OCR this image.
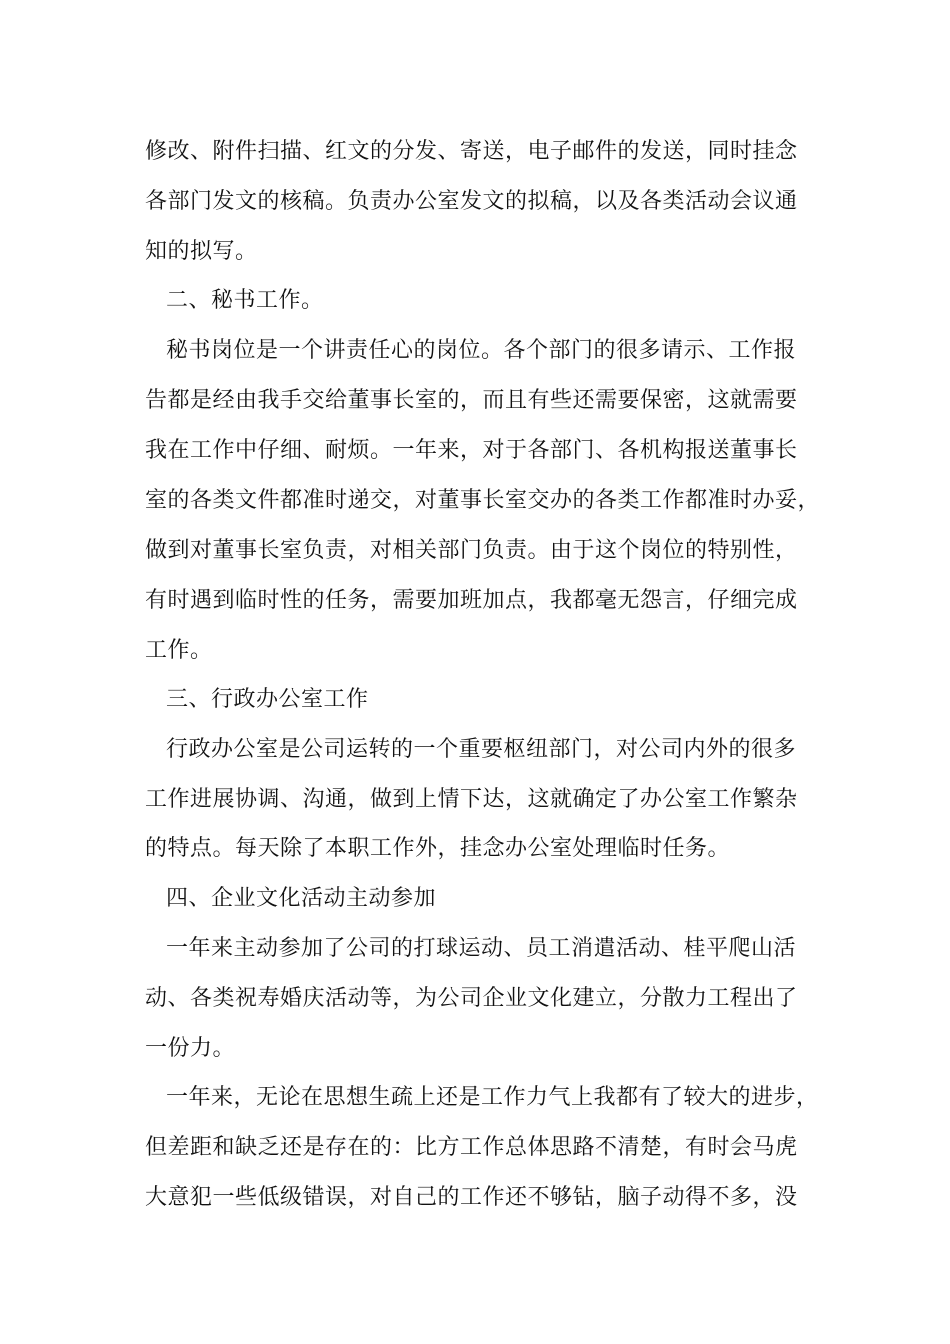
修改、附件扫描、红文的分发、寄送，电子邮件的发送，同时挂念

各部门发文的核稿。负责办公室发文的拟稿，以及各类活动会议通

知的拟写。

二、秘书工作。

秘书岗位是一个讲责任心的岗位。各个部门的很多请示、工作报

告都是经由我手交给董事长室的，而且有些还需要保密，这就需要

我在工作中仔细、耐烦。一年来，对于各部门、各机构报送董事长

室的各类文件都准时递交，对董事长室交办的各类工作都准时办妥，

做到对董事长室负责，对相关部门负责。由于这个岗位的特别性，

有时遇到临时性的任务，需要加班加点，我都毫无怨言，仔细完成

工作。

三、行政办公室工作

行政办公室是公司运转的一个重要枢纽部门，对公司内外的很多

工作进展协调、沟通，做到上情下达，这就确定了办公室工作繁杂

的特点。每天除了本职工作外，挂念办公室处理临时任务。

四、企业文化活动主动参加

一年来主动参加了公司的打球运动、员工消遣活动、桂平爬山活

动、各类祝寿婚庆活动等，为公司企业文化建立，分散力工程出了

一份力。

一年来，无论在思想生疏上还是工作力气上我都有了较大的进步，

但差距和缺乏还是存在的：比方工作总体思路不清楚，有时会马虎

大意犯一些低级错误，对自己的工作还不够钻，脑子动得不多，没
